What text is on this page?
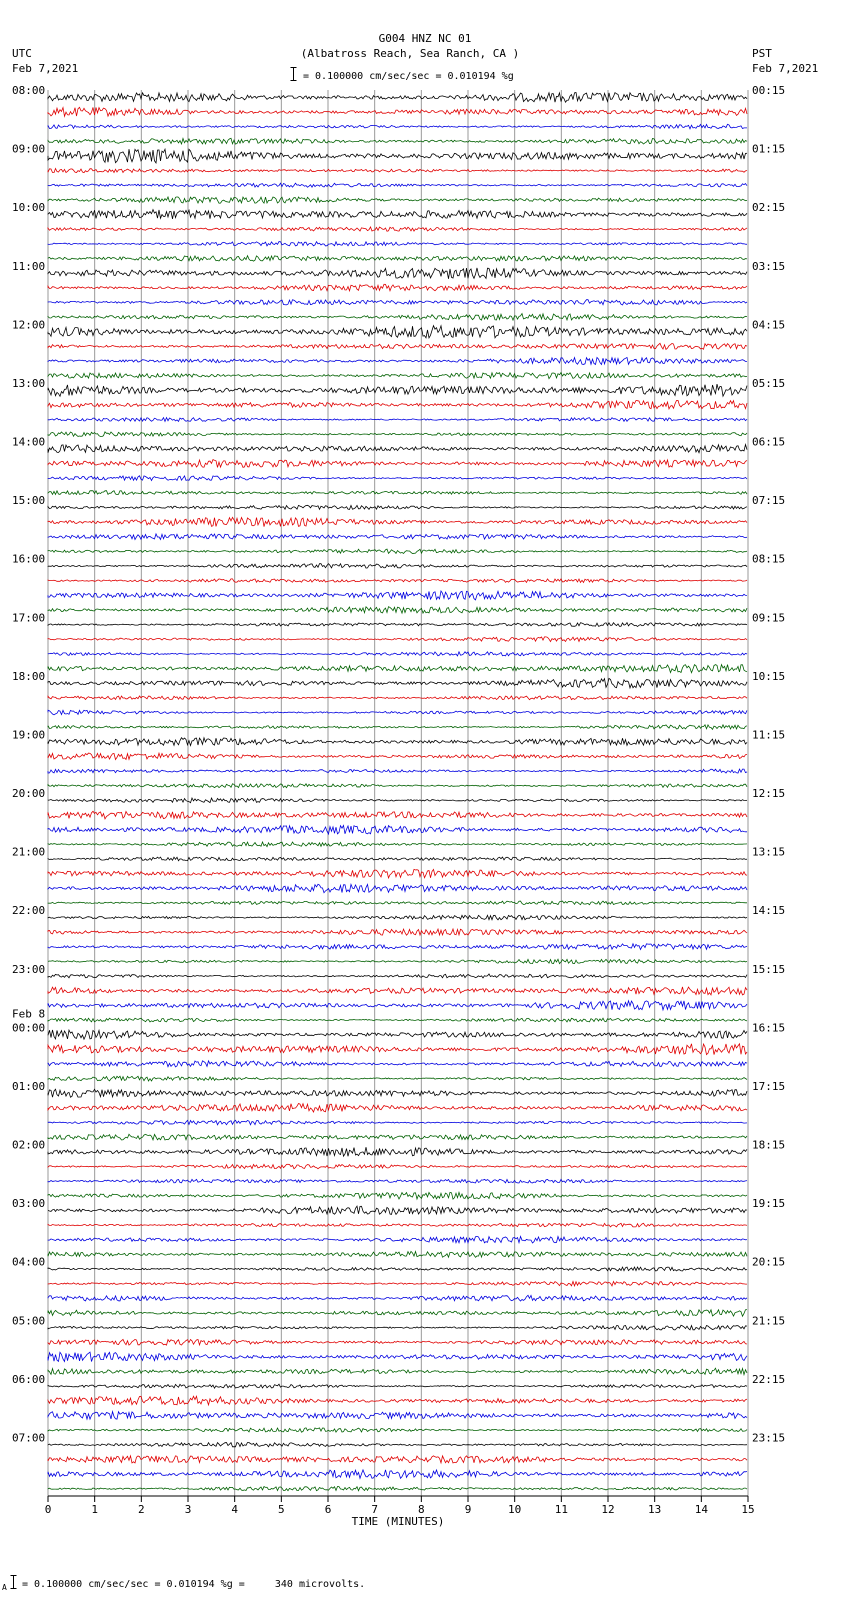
G004 HNZ NC 01
(Albatross Reach, Sea Ranch, CA )
UTC
Feb 7,2021
PST
Feb 7,2021
= 0.100000 cm/sec/sec = 0.010194 %g
08:00	00:15
09:00	01:15
10:00	02:15
11:00	03:15
12:00	04:15
13:00	05:15
14:00	06:15
15:00	07:15
16:00	08:15
17:00	09:15
18:00	10:15
19:00	11:15
20:00	12:15
21:00	13:15
22:00	14:15
23:00	15:15
00:00	16:15
Feb 8
01:00	17:15
02:00	18:15
03:00	19:15
04:00	20:15
05:00	21:15
06:00	22:15
07:00	23:15
0	1	2	3	4	5	6	7	8	9	10	11	12	13	14	15
TIME (MINUTES)
A = 0.100000 cm/sec/sec = 0.010194 %g =     340 microvolts.
